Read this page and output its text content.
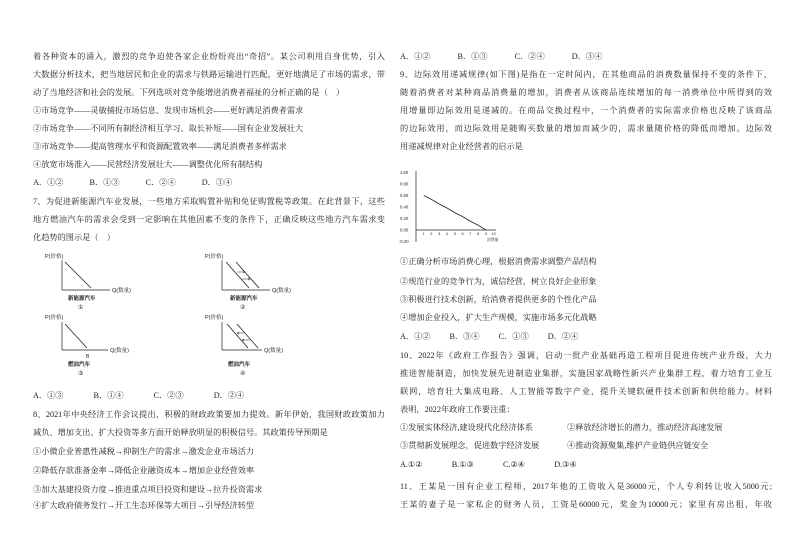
着各种资本的涌入，激烈的竞争迫使各家企业纷纷亮出“奇招”。某公司利用自身优势，引入
大数据分析技术，把当地居民和企业的需求与铁路运输进行匹配，更好地满足了市场的需求，带
动了当地经济和社会的发展。下列选项对竞争能增进消费者福祉的分析正确的是（　）
①市场竞争——灵敏捕捉市场信息、发现市场机会——更好满足消费者需求
②市场竞争——不同所有制经济相互学习、取长补短——国有企业发展壮大
③市场竞争——提高管理水平和资源配置效率——满足消费者多样需求
④放宽市场准入——民营经济发展壮大——调整优化所有制结构
A．①②	B．①③	C．②④	D．③④
7、为促进新能源汽车业发展，一些地方采取购置补贴和免征购置税等政策。在此背景下，这些
地方燃油汽车的需求会受到一定影响在其他因素不变的条件下，正确反映这些地方汽车需求变
化趋势的图示是（　）
P(价格)
Q(数量)
新能源汽车
①
P(价格)
Q(数量)
新能源汽车
②
P(价格)
Q(数量)
B
燃油汽车
③
P(价格)
Q(数量)
燃油汽车
④
A．①③	B．①④	C．②③	D．②④
8、2021年中央经济工作会议提出，积极的财政政策要加力提效。新年伊始，我国财政政策加力
减负、增加支出、扩大投资等多方面开始释放明显的积极信号。其政策传导预期是
①小微企业普惠性减税→抑制生产的需求→激发企业市场活力
②降低存款准备金率→降低企业融资成本→增加企业经营效率
③加大基建投资力度→推进重点项目投资和建设→拉升投资需求
④扩大政府债务发行→开工生态环保等大项目→引导经济转型
A．①②	B．①③	C．②④	D．③④
9、边际效用递减规律(如下图)是指在一定时间内，在其他商品的消费数量保持不变的条件下，
随着消费者对某种商品消费量的增加，消费者从该商品连续增加的每一消费单位中所得到的效
用增量即边际效用是递减的。在商品交换过程中，一个消费者的实际需求价格也反映了该商品
的边际效用，而边际效用是随购买数量的增加而减少的，需求量随价格的降低而增加。边际效
用递减规律对企业经营者的启示是
1.00
0.80
0.60
0.40
0.20
0.00
-0.20
1 2 3 4 5 6 7 8 9 10
消费量
①正确分析市场消费心理，根据消费需求调整产品结构
②规范行业的竞争行为，诚信经营，树立良好企业形象
③积极进行技术创新，给消费者提供更多的个性化产品
④增加企业投入，扩大生产规模，实施市场多元化战略
A．①② B．③④ C．①③ D．②④
10、2022年《政府工作报告》强调，启动一批产业基础再造工程项目促进传统产业升级，大力
推进智能制造，加快发展先进制造业集群，实施国家战略性新兴产业集群工程，着力培育工业互
联网，培育壮大集成电路、人工智能等数字产业，提升关键软硬件技术创新和供给能力。材料
表明，2022年政府工作要注重：
①发展实体经济,建设现代化经济体系	②释放经济增长的潜力，推动经济高速发展
③贯彻新发展理念，促进数字经济发展	④推动资源聚集,维护产业链供应链安全
A.①②	B.①③	C.②④	D.③④
11、王某是一国有企业工程师，2017年他的工资收入是36000元，个人专利转让收入5000元;
王某的妻子是一家私企的财务人员，工资是60000元，奖金为10000元；家里有房出租，年收
